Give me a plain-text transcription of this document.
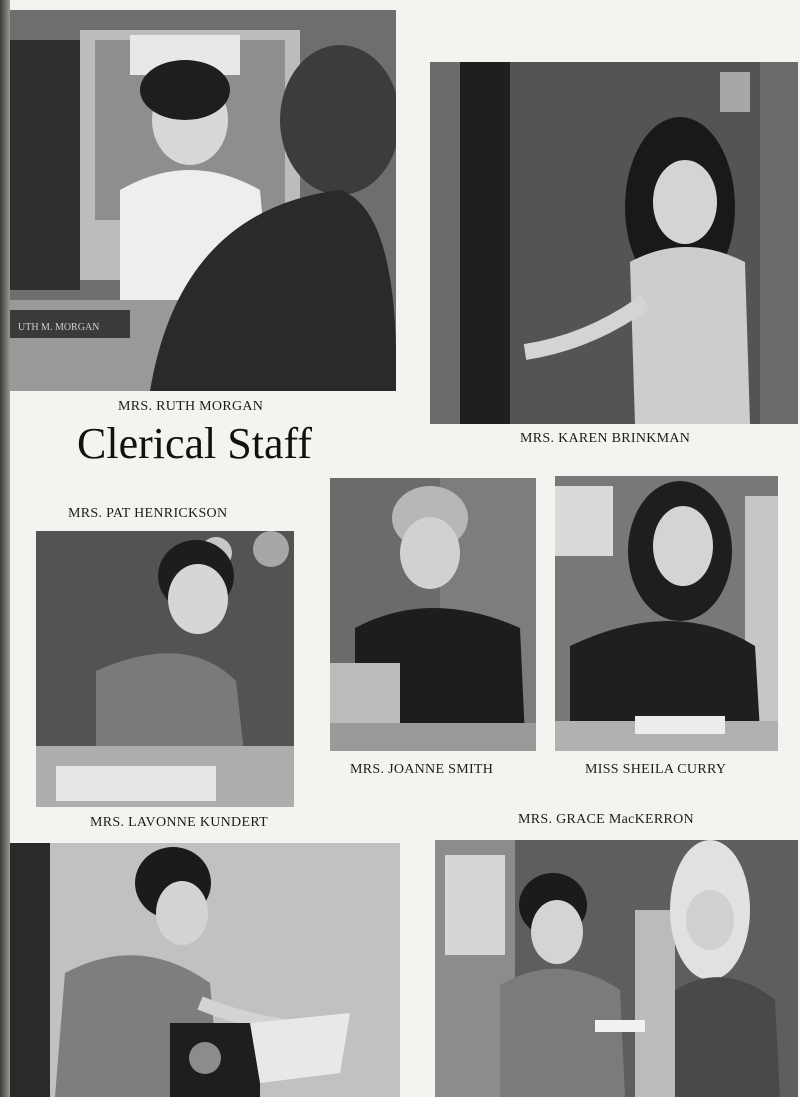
UTH M. MORGAN
MRS. RUTH MORGAN
Clerical Staff	MRS. KAREN BRINKMAN
MRS. PAT HENRICKSON
MRS. LAVONNE KUNDERT
MRS. JOANNE SMITH	MISS SHEILA CURRY
MRS. GRACE MacKERRON
